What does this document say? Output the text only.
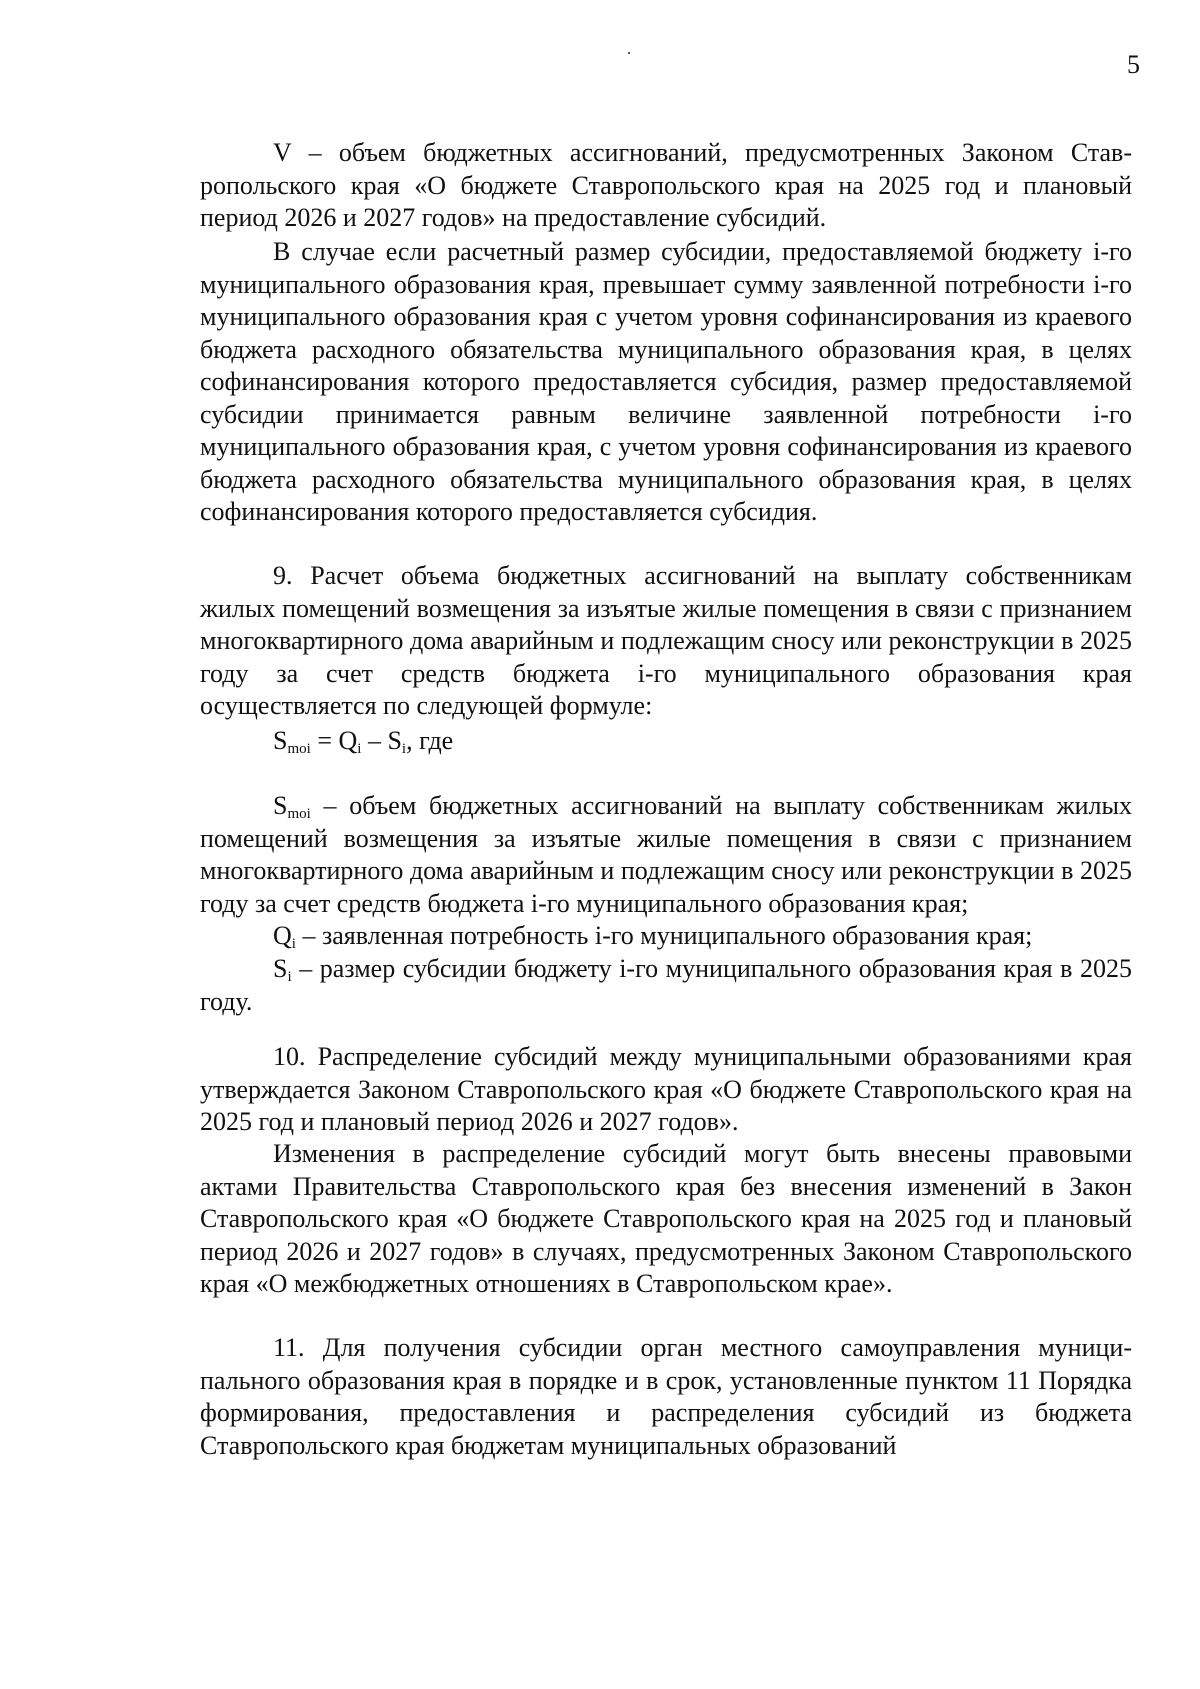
5

V – объем бюджетных ассигнований, предусмотренных Законом Ставропольского края «О бюджете Ставропольского края на 2025 год и плановый период 2026 и 2027 годов» на предоставление субсидий.

В случае если расчетный размер субсидии, предоставляемой бюджету i-го муниципального образования края, превышает сумму заявленной потребности i-го муниципального образования края с учетом уровня софинансирования из краевого бюджета расходного обязательства муниципального образования края, в целях софинансирования которого предоставляется субсидия, размер предоставляемой субсидии принимается равным величине заявленной потребности i-го муниципального образования края, с учетом уровня софинансирования из краевого бюджета расходного обязательства муниципального образования края, в целях софинансирования которого предоставляется субсидия.

9. Расчет объема бюджетных ассигнований на выплату собственникам жилых помещений возмещения за изъятые жилые помещения в связи с признанием многоквартирного дома аварийным и подлежащим сносу или реконструкции в 2025 году за счет средств бюджета i-го муниципального образования края осуществляется по следующей формуле:

$S_{moi} = Q_i - S_i$, где

$S_{moi}$ – объем бюджетных ассигнований на выплату собственникам жилых помещений возмещения за изъятые жилые помещения в связи с признанием многоквартирного дома аварийным и подлежащим сносу или реконструкции в 2025 году за счет средств бюджета i-го муниципального образования края;

$Q_i$ – заявленная потребность i-го муниципального образования края;

$S_i$ – размер субсидии бюджету i-го муниципального образования края в 2025 году.

10. Распределение субсидий между муниципальными образованиями края утверждается Законом Ставропольского края «О бюджете Ставропольского края на 2025 год и плановый период 2026 и 2027 годов».

Изменения в распределение субсидий могут быть внесены правовыми актами Правительства Ставропольского края без внесения изменений в Закон Ставропольского края «О бюджете Ставропольского края на 2025 год и плановый период 2026 и 2027 годов» в случаях, предусмотренных Законом Ставропольского края «О межбюджетных отношениях в Ставропольском крае».

11. Для получения субсидии орган местного самоуправления муниципального образования края в порядке и в срок, установленные пунктом 11 Порядка формирования, предоставления и распределения субсидий из бюджета Ставропольского края бюджетам муниципальных образований
